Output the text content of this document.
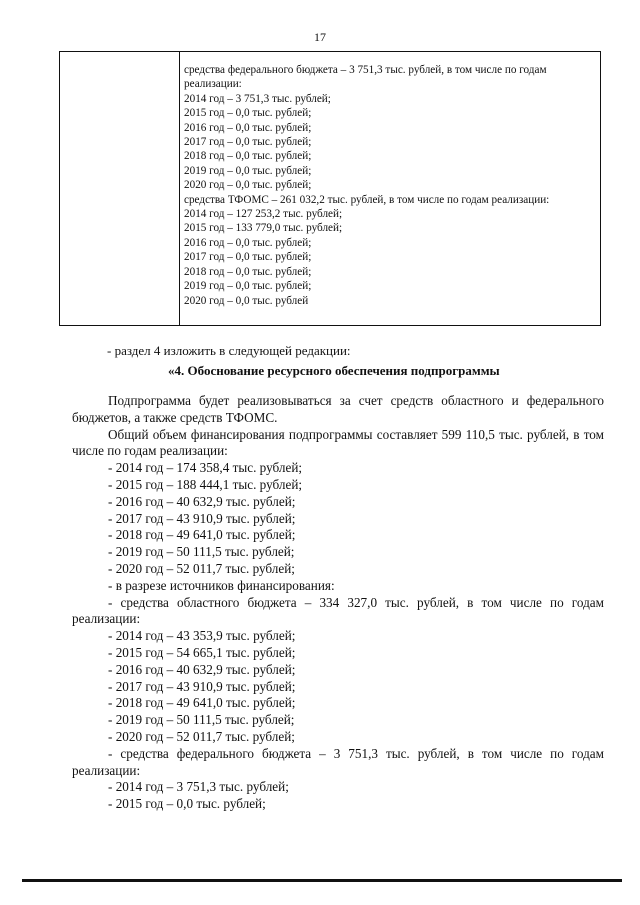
17
средства федерального бюджета – 3 751,3 тыс. рублей, в том числе по годам
реализации:
2014 год – 3 751,3 тыс. рублей;
2015 год – 0,0 тыс. рублей;
2016 год – 0,0 тыс. рублей;
2017 год – 0,0 тыс. рублей;
2018 год – 0,0 тыс. рублей;
2019 год – 0,0 тыс. рублей;
2020 год – 0,0 тыс. рублей;
средства ТФОМС – 261 032,2 тыс. рублей, в том числе по годам реализации:
2014 год – 127 253,2 тыс. рублей;
2015 год – 133 779,0 тыс. рублей;
2016 год – 0,0 тыс. рублей;
2017 год – 0,0 тыс. рублей;
2018 год – 0,0 тыс. рублей;
2019 год – 0,0 тыс. рублей;
2020 год – 0,0 тыс. рублей
- раздел 4 изложить в следующей редакции:
«4. Обоснование ресурсного обеспечения подпрограммы
Подпрограмма будет реализовываться за счет средств областного и федерального бюджетов, а также средств ТФОМС.
Общий объем финансирования подпрограммы составляет 599 110,5 тыс. рублей, в том числе по годам реализации:
- 2014 год – 174 358,4 тыс. рублей;
- 2015 год – 188 444,1 тыс. рублей;
- 2016 год – 40 632,9 тыс. рублей;
- 2017 год – 43 910,9 тыс. рублей;
- 2018 год – 49 641,0 тыс. рублей;
- 2019 год – 50 111,5 тыс. рублей;
- 2020 год – 52 011,7 тыс. рублей;
- в разрезе источников финансирования:
- средства областного бюджета – 334 327,0 тыс. рублей, в том числе по годам реализации:
- 2014 год – 43 353,9 тыс. рублей;
- 2015 год – 54 665,1 тыс. рублей;
- 2016 год – 40 632,9 тыс. рублей;
- 2017 год – 43 910,9 тыс. рублей;
- 2018 год – 49 641,0 тыс. рублей;
- 2019 год – 50 111,5 тыс. рублей;
- 2020 год – 52 011,7 тыс. рублей;
- средства федерального бюджета – 3 751,3 тыс. рублей, в том числе по годам реализации:
- 2014 год – 3 751,3 тыс. рублей;
- 2015 год – 0,0 тыс. рублей;
